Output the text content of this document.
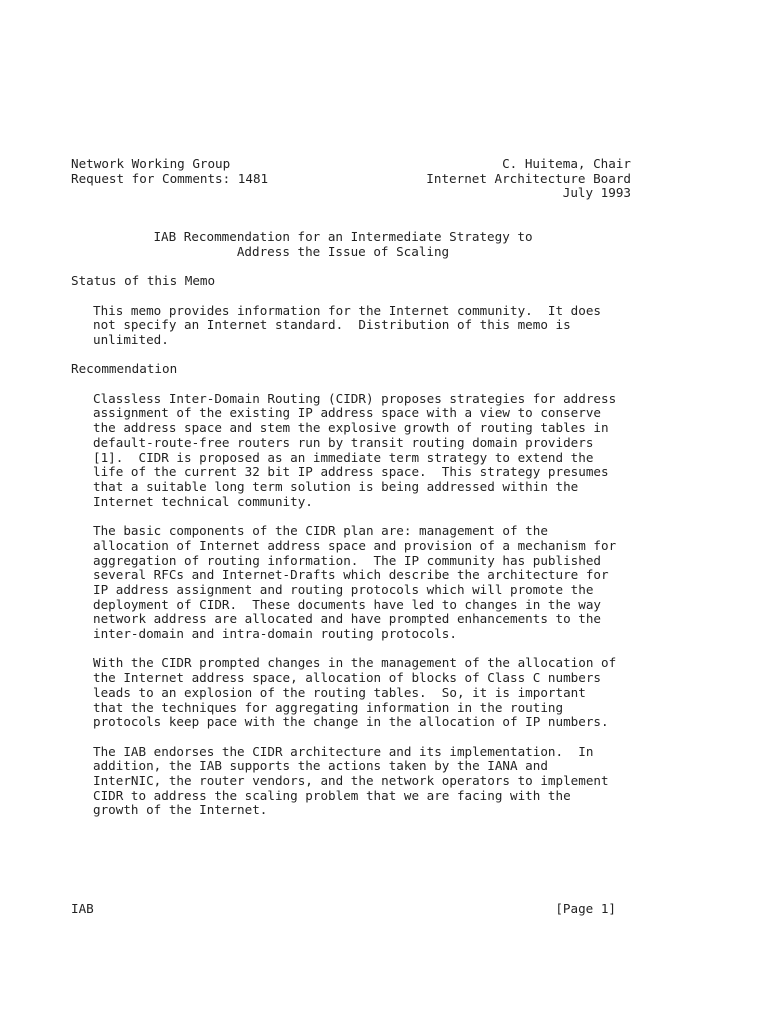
Network Working Group	C. Huitema, Chair
Request for Comments: 1481	Internet Architecture Board
July 1993
IAB Recommendation for an Intermediate Strategy to
Address the Issue of Scaling
Status of this Memo
This memo provides information for the Internet community.  It does
not specify an Internet standard.  Distribution of this memo is
unlimited.
Recommendation
Classless Inter-Domain Routing (CIDR) proposes strategies for address
assignment of the existing IP address space with a view to conserve
the address space and stem the explosive growth of routing tables in
default-route-free routers run by transit routing domain providers
[1].  CIDR is proposed as an immediate term strategy to extend the
life of the current 32 bit IP address space.  This strategy presumes
that a suitable long term solution is being addressed within the
Internet technical community.
The basic components of the CIDR plan are: management of the
allocation of Internet address space and provision of a mechanism for
aggregation of routing information.  The IP community has published
several RFCs and Internet-Drafts which describe the architecture for
IP address assignment and routing protocols which will promote the
deployment of CIDR.  These documents have led to changes in the way
network address are allocated and have prompted enhancements to the
inter-domain and intra-domain routing protocols.
With the CIDR prompted changes in the management of the allocation of
the Internet address space, allocation of blocks of Class C numbers
leads to an explosion of the routing tables.  So, it is important
that the techniques for aggregating information in the routing
protocols keep pace with the change in the allocation of IP numbers.
The IAB endorses the CIDR architecture and its implementation.  In
addition, the IAB supports the actions taken by the IANA and
InterNIC, the router vendors, and the network operators to implement
CIDR to address the scaling problem that we are facing with the
growth of the Internet.
IAB	[Page 1]
